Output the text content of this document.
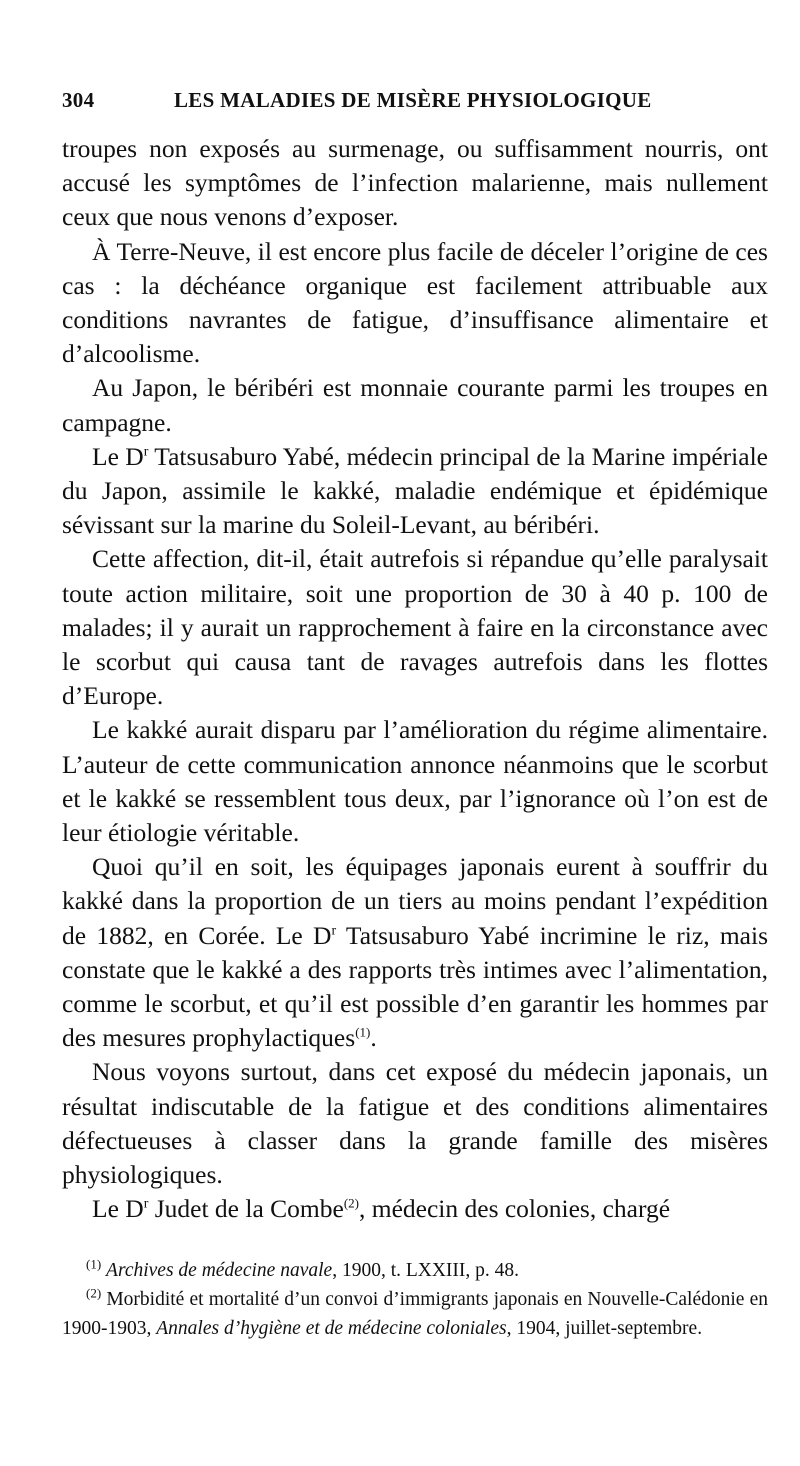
304	LES MALADIES DE MISÈRE PHYSIOLOGIQUE

troupes non exposés au surmenage, ou suffisamment nourris, ont accusé les symptômes de l’infection malarienne, mais nullement ceux que nous venons d’exposer.

À Terre-Neuve, il est encore plus facile de déceler l’origine de ces cas : la déchéance organique est facilement attribuable aux conditions navrantes de fatigue, d’insuffisance alimentaire et d’alcoolisme.

Au Japon, le béribéri est monnaie courante parmi les troupes en campagne.

Le $D^r$ Tatsusaburo Yabé, médecin principal de la Marine impériale du Japon, assimile le kakké, maladie endémique et épidémique sévissant sur la marine du Soleil-Levant, au béribéri.

Cette affection, dit-il, était autrefois si répandue qu’elle paralysait toute action militaire, soit une proportion de 30 à 40 p. 100 de malades; il y aurait un rapprochement à faire en la circonstance avec le scorbut qui causa tant de ravages autrefois dans les flottes d’Europe.

Le kakké aurait disparu par l’amélioration du régime alimentaire. L’auteur de cette communication annonce néanmoins que le scorbut et le kakké se ressemblent tous deux, par l’ignorance où l’on est de leur étiologie véritable.

Quoi qu’il en soit, les équipages japonais eurent à souffrir du kakké dans la proportion de un tiers au moins pendant l’expédition de 1882, en Corée. Le $D^r$ Tatsusaburo Yabé incrimine le riz, mais constate que le kakké a des rapports très intimes avec l’alimentation, comme le scorbut, et qu’il est possible d’en garantir les hommes par des mesures prophylactiques$^{(1)}$.

Nous voyons surtout, dans cet exposé du médecin japonais, un résultat indiscutable de la fatigue et des conditions alimentaires défectueuses à classer dans la grande famille des misères physiologiques.

Le $D^r$ Judet de la Combe$^{(2)}$, médecin des colonies, chargé

$^{(1)}$ Archives de médecine navale, 1900, t. LXXIII, p. 48.

$^{(2)}$ Morbidité et mortalité d’un convoi d’immigrants japonais en Nouvelle-Calédonie en 1900-1903, Annales d’hygiène et de médecine coloniales, 1904, juillet-septembre.
